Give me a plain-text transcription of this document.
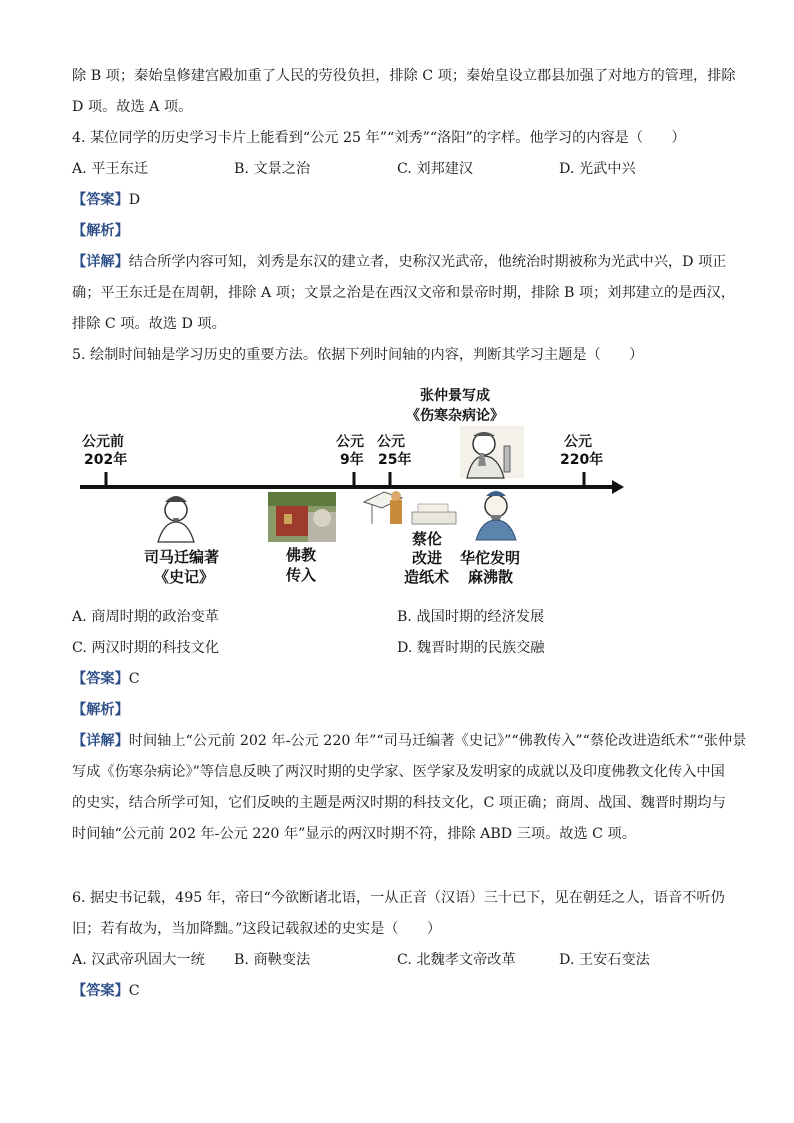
除 B 项；秦始皇修建宫殿加重了人民的劳役负担，排除 C 项；秦始皇设立郡县加强了对地方的管理，排除
D 项。故选 A 项。
4. 某位同学的历史学习卡片上能看到“公元 25 年”“刘秀”“洛阳”的字样。他学习的内容是（　　）
A. 平王东迁	B. 文景之治	C. 刘邦建汉	D. 光武中兴
【答案】D
【解析】
【详解】结合所学内容可知，刘秀是东汉的建立者，史称汉光武帝，他统治时期被称为光武中兴，D 项正
确；平王东迁是在周朝，排除 A 项；文景之治是在西汉文帝和景帝时期，排除 B 项；刘邦建立的是西汉，
排除 C 项。故选 D 项。
5. 绘制时间轴是学习历史的重要方法。依据下列时间轴的内容，判断其学习主题是（　　）
公元前
202年
公元
9年
公元
25年
公元
220年
张仲景写成
《伤寒杂病论》
司马迁编著
《史记》
佛教
传入
蔡伦
改进
造纸术
华佗发明
麻沸散
A. 商周时期的政治变革	B. 战国时期的经济发展
C. 两汉时期的科技文化	D. 魏晋时期的民族交融
【答案】C
【解析】
【详解】时间轴上“公元前 202 年-公元 220 年”“司马迁编著《史记》”“佛教传入”“蔡伦改进造纸术”“张仲景
写成《伤寒杂病论》”等信息反映了两汉时期的史学家、医学家及发明家的成就以及印度佛教文化传入中国
的史实，结合所学可知，它们反映的主题是两汉时期的科技文化，C 项正确；商周、战国、魏晋时期均与
时间轴“公元前 202 年-公元 220 年”显示的两汉时期不符，排除 ABD 三项。故选 C 项。
6. 据史书记载，495 年，帝曰“今欲断诸北语，一从正音（汉语）三十已下，见在朝廷之人，语音不听仍
旧；若有故为，当加降黜。”这段记载叙述的史实是（　　）
A. 汉武帝巩固大一统 B. 商鞅变法	C. 北魏孝文帝改革	D. 王安石变法
【答案】C
